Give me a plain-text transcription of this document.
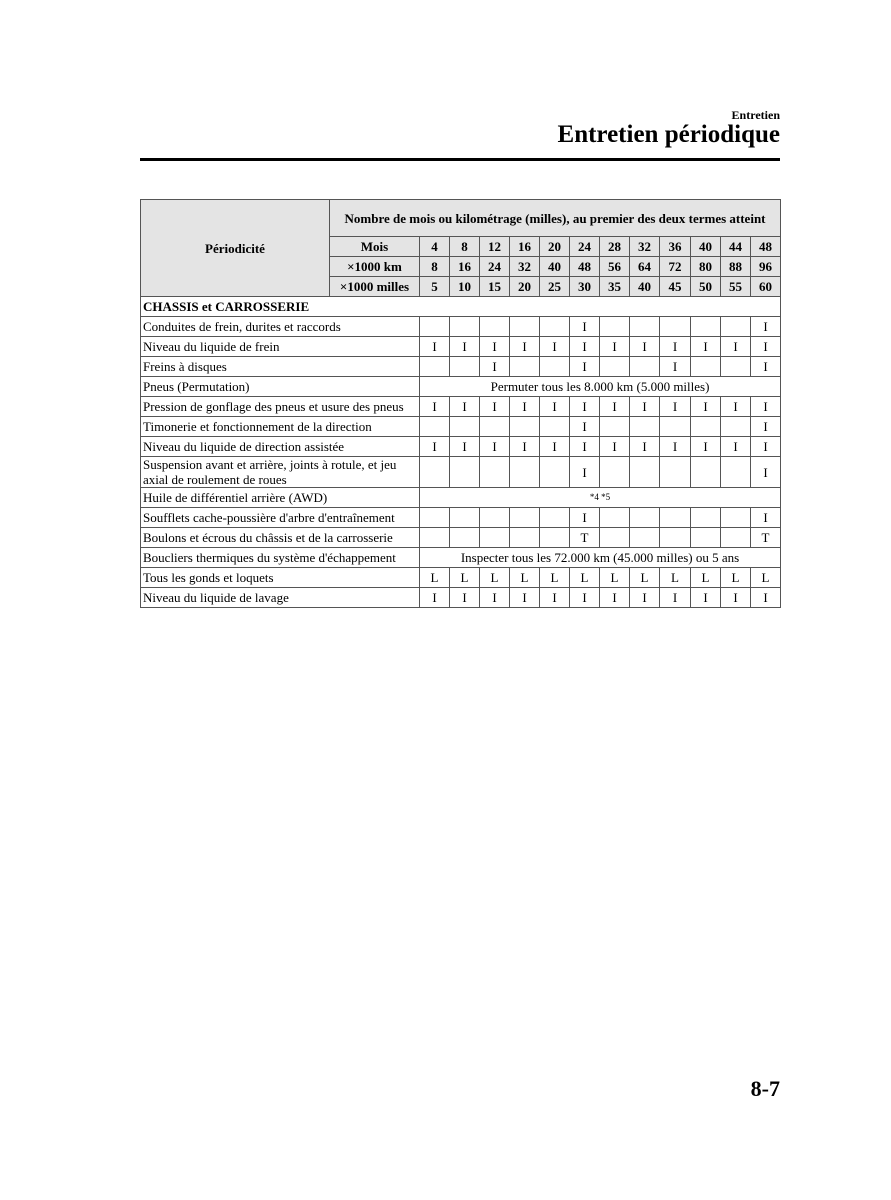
Entretien
Entretien périodique
Périodicité	Nombre de mois ou kilométrage (milles), au premier des deux termes atteint												
	Mois	4	8	12	16	20	24	28	32	36	40	44	48
	×1000 km	8	16	24	32	40	48	56	64	72	80	88	96
	×1000 milles	5	10	15	20	25	30	35	40	45	50	55	60
CHASSIS et CARROSSERIE													
Conduites de frein, durites et raccords							I						I
Niveau du liquide de frein		I	I	I	I	I	I	I	I	I	I	I	I
Freins à disques				I			I			I			I
Pneus (Permutation)		Permuter tous les 8.000 km (5.000 milles)											
Pression de gonflage des pneus et usure des pneus		I	I	I	I	I	I	I	I	I	I	I	I
Timonerie et fonctionnement de la direction							I						I
Niveau du liquide de direction assistée		I	I	I	I	I	I	I	I	I	I	I	I
Suspension avant et arrière, joints à rotule, et jeu axial de roulement de roues							I						I
Huile de différentiel arrière (AWD)		*4 *5											
Soufflets cache-poussière d'arbre d'entraînement							I						I
Boulons et écrous du châssis et de la carrosserie							T						T
Boucliers thermiques du système d'échappement		Inspecter tous les 72.000 km (45.000 milles) ou 5 ans											
Tous les gonds et loquets		L	L	L	L	L	L	L	L	L	L	L	L
Niveau du liquide de lavage		I	I	I	I	I	I	I	I	I	I	I	I
8-7
